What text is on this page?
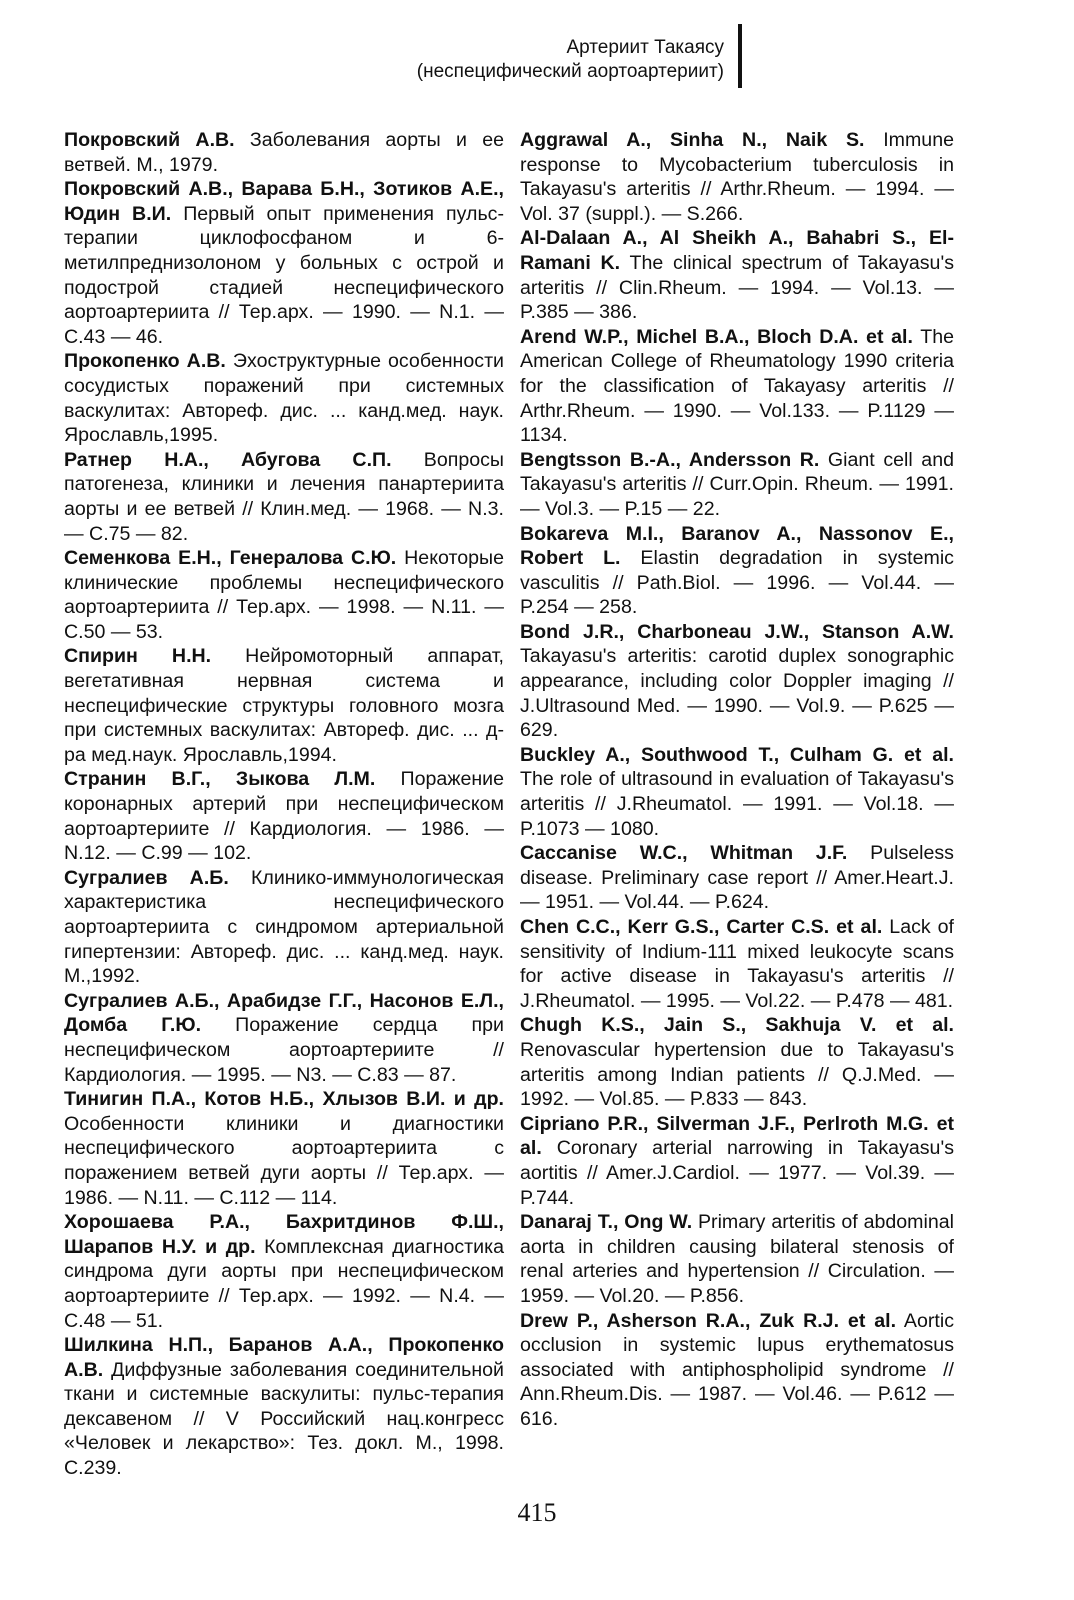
Артериит Такаясу
(неспецифический аортоартериит)

Покровский А.В. Заболевания аорты и ее ветвей. М., 1979.

Покровский А.В., Варава Б.Н., Зотиков А.Е., Юдин В.И. Первый опыт применения пульс-терапии циклофосфаном и 6-метилпреднизолоном у больных с острой и подострой стадией неспецифического аортоартериита // Тер.арх. — 1990. — N.1. — С.43 — 46.

Прокопенко А.В. Эхоструктурные особенности сосудистых поражений при системных васкулитах: Автореф. дис. ... канд.мед. наук. Ярославль,1995.

Ратнер Н.А., Абугова С.П. Вопросы патогенеза, клиники и лечения панартериита аорты и ее ветвей // Клин.мед. — 1968. — N.3. — С.75 — 82.

Семенкова Е.Н., Генералова С.Ю. Некоторые клинические проблемы неспецифического аортоартериита // Тер.арх. — 1998. — N.11. — С.50 — 53.

Спирин Н.Н. Нейромоторный аппарат, вегетативная нервная система и неспецифические структуры головного мозга при системных васкулитах: Автореф. дис. ... д-ра мед.наук. Ярославль,1994.

Странин В.Г., Зыкова Л.М. Поражение коронарных артерий при неспецифическом аортоартериите // Кардиология. — 1986. — N.12. — С.99 — 102.

Сугралиев А.Б. Клинико-иммунологическая характеристика неспецифического аортоартериита с синдромом артериальной гипертензии: Автореф. дис. ... канд.мед. наук. М.,1992.

Сугралиев А.Б., Арабидзе Г.Г., Насонов Е.Л., Домба Г.Ю. Поражение сердца при неспецифическом аортоартериите // Кардиология. — 1995. — N3. — С.83 — 87.

Тинигин П.А., Котов Н.Б., Хлызов В.И. и др. Особенности клиники и диагностики неспецифического аортоартериита с поражением ветвей дуги аорты // Тер.арх. — 1986. — N.11. — С.112 — 114.

Хорошаева Р.А., Бахритдинов Ф.Ш., Шарапов Н.У. и др. Комплексная диагностика синдрома дуги аорты при неспецифическом аортоартериите // Тер.арх. — 1992. — N.4. — С.48 — 51.

Шилкина Н.П., Баранов А.А., Прокопенко А.В. Диффузные заболевания соединительной ткани и системные васкулиты: пульс-терапия дексавеном // V Российский нац.конгресс «Человек и лекарство»: Тез. докл. М., 1998. С.239.

Aggrawal A., Sinha N., Naik S. Immune response to Mycobacterium tuberculosis in Takayasu's arteritis // Arthr.Rheum. — 1994. — Vol. 37 (suppl.). — S.266.

Al-Dalaan A., Al Sheikh A., Bahabri S., El-Ramani K. The clinical spectrum of Takayasu's arteritis // Clin.Rheum. — 1994. — Vol.13. — P.385 — 386.

Arend W.P., Michel B.A., Bloch D.A. et al. The American College of Rheumatology 1990 criteria for the classification of Takayasy arteritis // Arthr.Rheum. — 1990. — Vol.133. — P.1129 — 1134.

Bengtsson B.-A., Andersson R. Giant cell and Takayasu's arteritis // Curr.Opin. Rheum. — 1991. — Vol.3. — P.15 — 22.

Bokareva M.I., Baranov A., Nassonov E., Robert L. Elastin degradation in systemic vasculitis // Path.Biol. — 1996. — Vol.44. — P.254 — 258.

Bond J.R., Charboneau J.W., Stanson A.W. Takayasu's arteritis: carotid duplex sonographic appearance, including color Doppler imaging // J.Ultrasound Med. — 1990. — Vol.9. — P.625 — 629.

Buckley A., Southwood T., Culham G. et al. The role of ultrasound in evaluation of Takayasu's arteritis // J.Rheumatol. — 1991. — Vol.18. — P.1073 — 1080.

Caccanise W.C., Whitman J.F. Pulseless disease. Preliminary case report // Amer.Heart.J. — 1951. — Vol.44. — P.624.

Chen C.C., Kerr G.S., Carter C.S. et al. Lack of sensitivity of Indium-111 mixed leukocyte scans for active disease in Takayasu's arteritis // J.Rheumatol. — 1995. — Vol.22. — P.478 — 481.

Chugh K.S., Jain S., Sakhuja V. et al. Renovascular hypertension due to Takayasu's arteritis among Indian patients // Q.J.Med. — 1992. — Vol.85. — P.833 — 843.

Cipriano P.R., Silverman J.F., Perlroth M.G. et al. Coronary arterial narrowing in Takayasu's aortitis // Amer.J.Cardiol. — 1977. — Vol.39. — P.744.

Danaraj T., Ong W. Primary arteritis of abdominal aorta in children causing bilateral stenosis of renal arteries and hypertension // Circulation. — 1959. — Vol.20. — P.856.

Drew P., Asherson R.A., Zuk R.J. et al. Aortic occlusion in systemic lupus erythematosus associated with antiphospholipid syndrome // Ann.Rheum.Dis. — 1987. — Vol.46. — P.612 — 616.

415
